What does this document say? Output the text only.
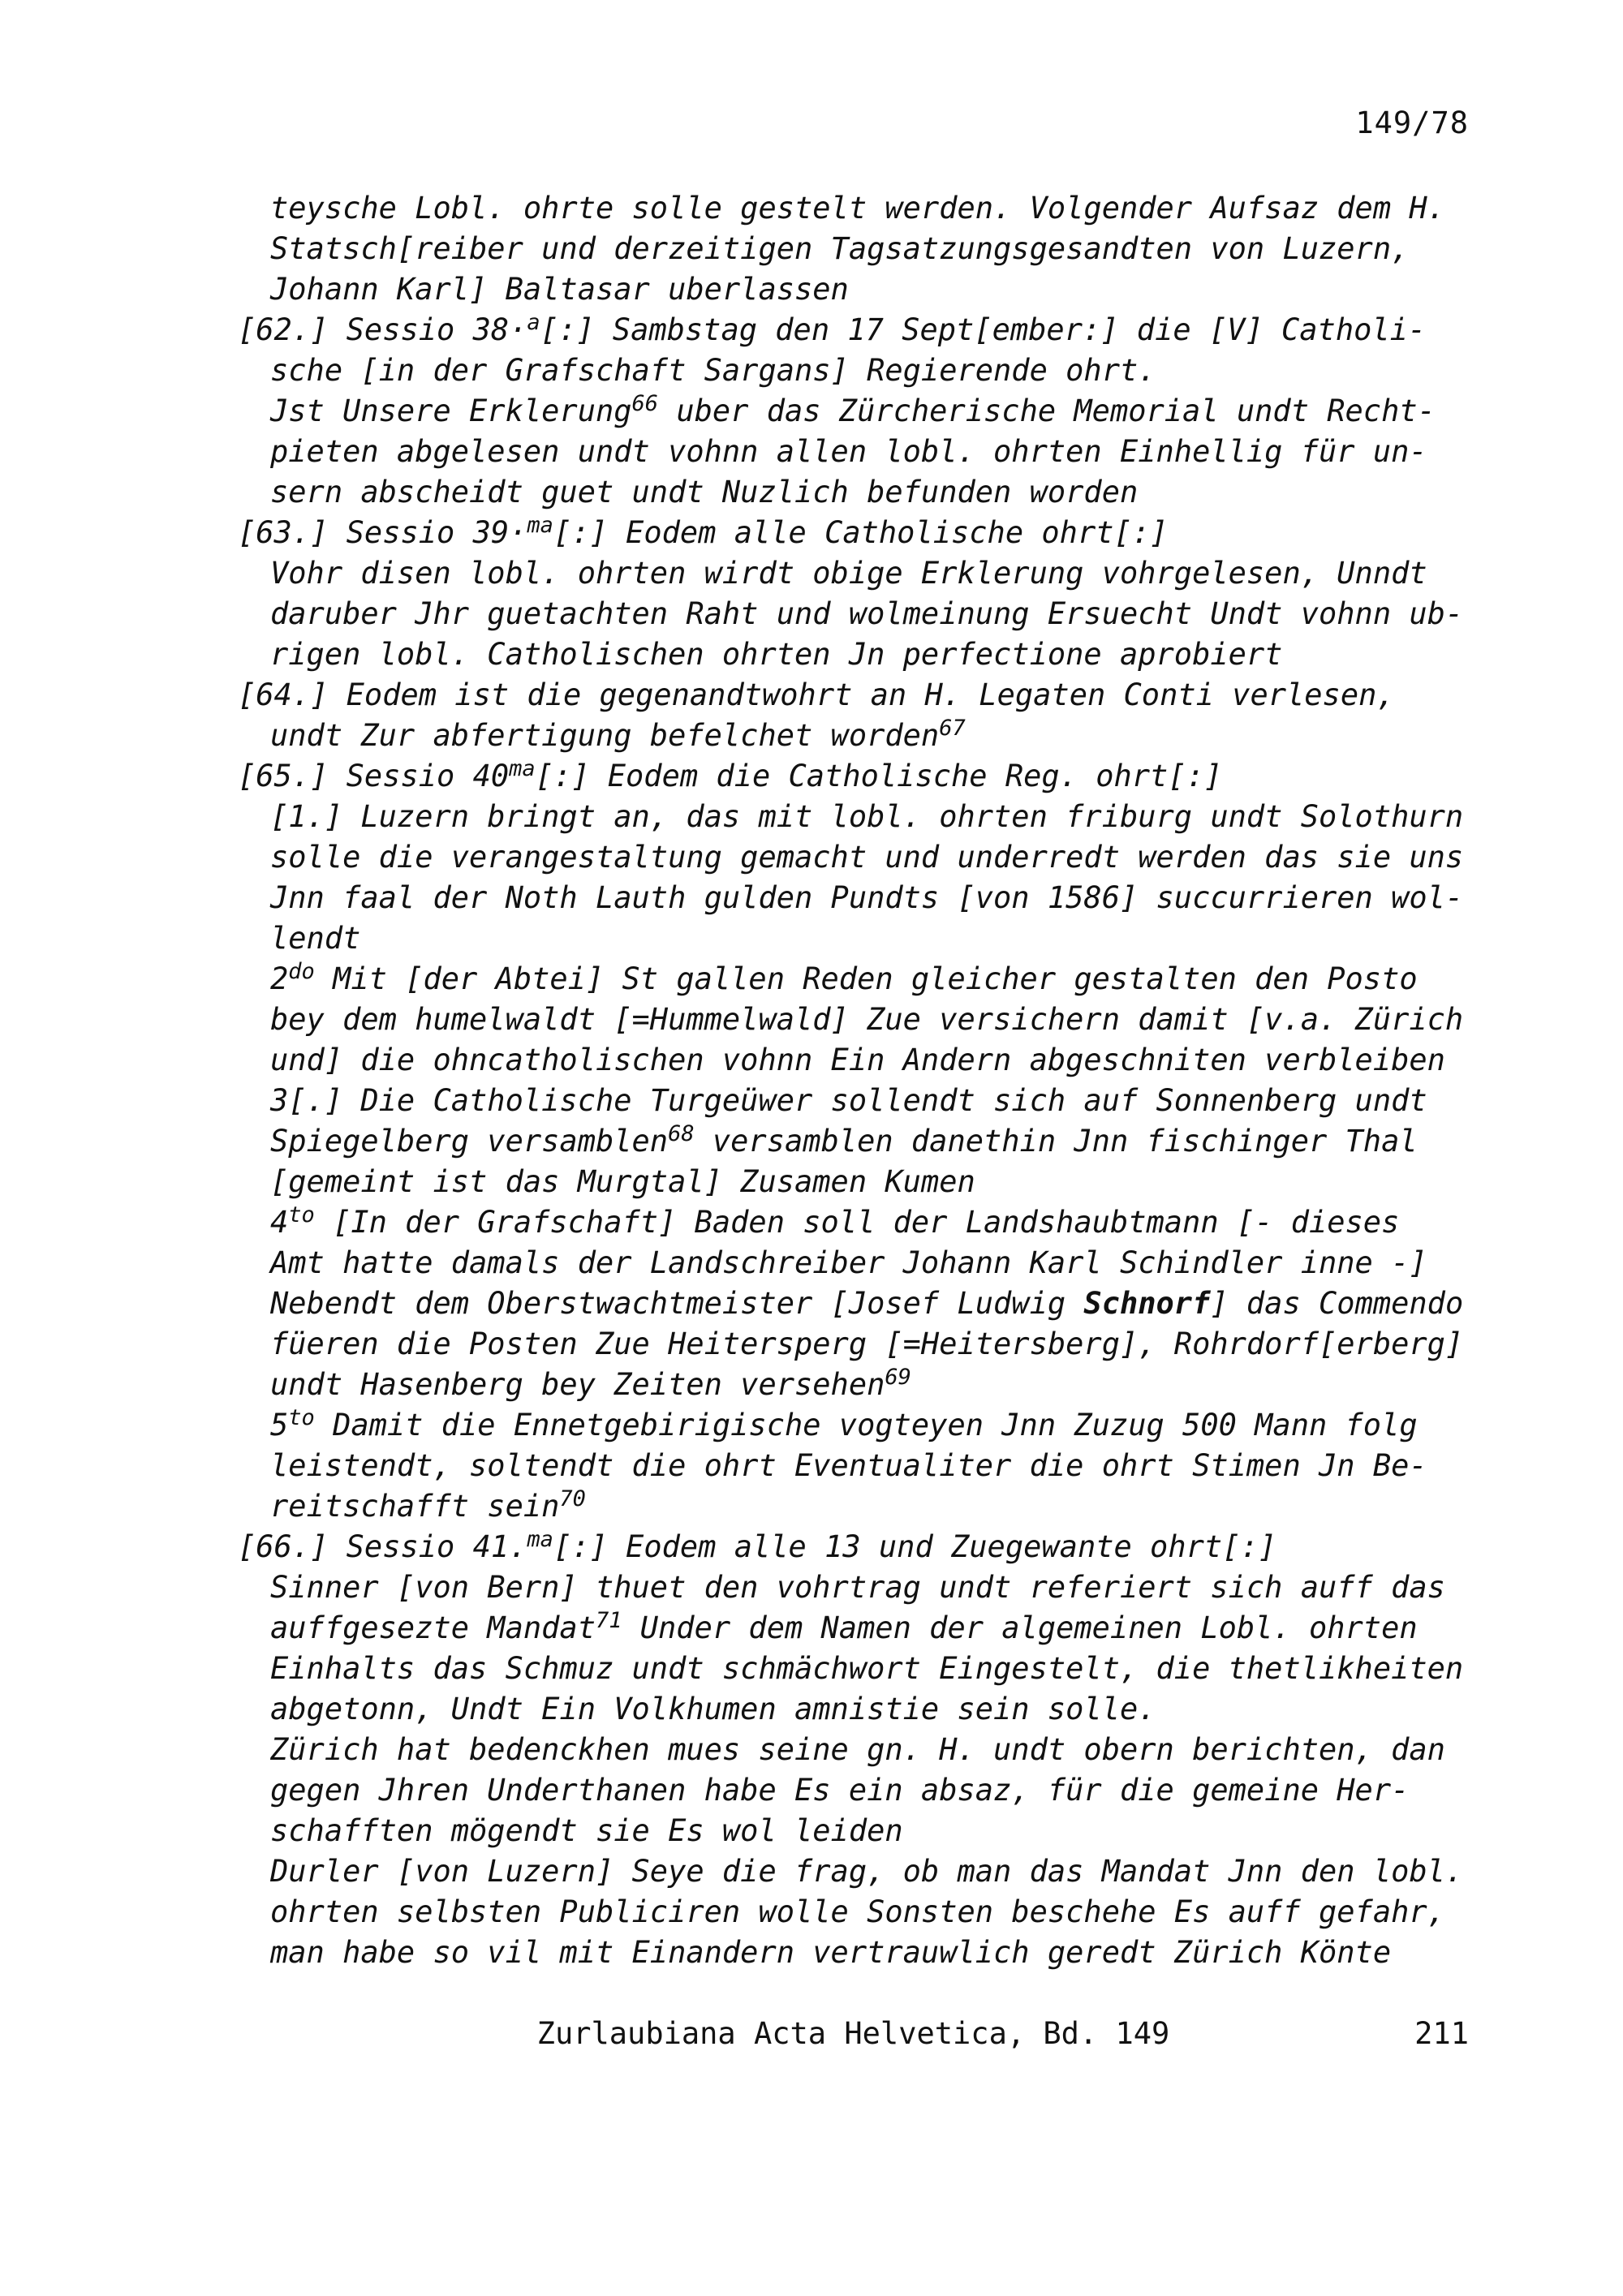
149/78
teysche Lobl. ohrte solle gestelt werden. Volgender Aufsaz dem H.
Statsch[reiber und derzeitigen Tagsatzungsgesandten von Luzern,
Johann Karl] Baltasar uberlassen
[62.] Sessio 38·$^a$[:] Sambstag den 17 Sept[ember:] die [V] Catholi-
sche [in der Grafschaft Sargans] Regierende ohrt.
Jst Unsere Erklerung$^{66}$ uber das Zürcherische Memorial undt Recht-
pieten abgelesen undt vohnn allen lobl. ohrten Einhellig für un-
sern abscheidt guet undt Nuzlich befunden worden
[63.] Sessio 39·$^{ma}$[:] Eodem alle Catholische ohrt[:]
Vohr disen lobl. ohrten wirdt obige Erklerung vohrgelesen, Unndt
daruber Jhr guetachten Raht und wolmeinung Ersuecht Undt vohnn ub-
rigen lobl. Catholischen ohrten Jn perfectione aprobiert
[64.] Eodem ist die gegenandtwohrt an H. Legaten Conti verlesen,
undt Zur abfertigung befelchet worden$^{67}$
[65.] Sessio $40^{ma}[:]$ Eodem die Catholische Reg. ohrt[:]
[1.] Luzern bringt an, das mit lobl. ohrten friburg undt Solothurn
solle die verangestaltung gemacht und underredt werden das sie uns
Jnn faal der Noth Lauth gulden Pundts [von 1586] succurrieren wol-
lendt
$2^{do}$ Mit [der Abtei] St gallen Reden gleicher gestalten den Posto
bey dem humelwaldt [=Hummelwald] Zue versichern damit [v.a. Zürich
und] die ohncatholischen vohnn Ein Andern abgeschniten verbleiben
3[.] Die Catholische Turgeüwer sollendt sich auf Sonnenberg undt
Spiegelberg versamblen$^{68}$ versamblen danethin Jnn fischinger Thal
[gemeint ist das Murgtal] Zusamen Kumen
$4^{to}$ [In der Grafschaft] Baden soll der Landshaubtmann [- dieses
Amt hatte damals der Landschreiber Johann Karl Schindler inne -]
Nebendt dem Oberstwachtmeister [Josef Ludwig Schnorf] das Commendo
füeren die Posten Zue Heitersperg [=Heitersberg], Rohrdorf[erberg]
undt Hasenberg bey Zeiten versehen$^{69}$
$5^{to}$ Damit die Ennetgebirigische vogteyen Jnn Zuzug 500 Mann folg
leistendt, soltendt die ohrt Eventualiter die ohrt Stimen Jn Be-
reitschafft sein$^{70}$
[66.] Sessio 41.$^{ma}$[:] Eodem alle 13 und Zuegewante ohrt[:]
Sinner [von Bern] thuet den vohrtrag undt referiert sich auff das
auffgesezte Mandat$^{71}$ Under dem Namen der algemeinen Lobl. ohrten
Einhalts das Schmuz undt schmächwort Eingestelt, die thetlikheiten
abgetonn, Undt Ein Volkhumen amnistie sein solle.
Zürich hat bedenckhen mues seine gn. H. undt obern berichten, dan
gegen Jhren Underthanen habe Es ein absaz, für die gemeine Her-
schafften mögendt sie Es wol leiden
Durler [von Luzern] Seye die frag, ob man das Mandat Jnn den lobl.
ohrten selbsten Publiciren wolle Sonsten beschehe Es auff gefahr,
man habe so vil mit Einandern vertrauwlich geredt Zürich Könte
Zurlaubiana Acta Helvetica, Bd. 149	211
